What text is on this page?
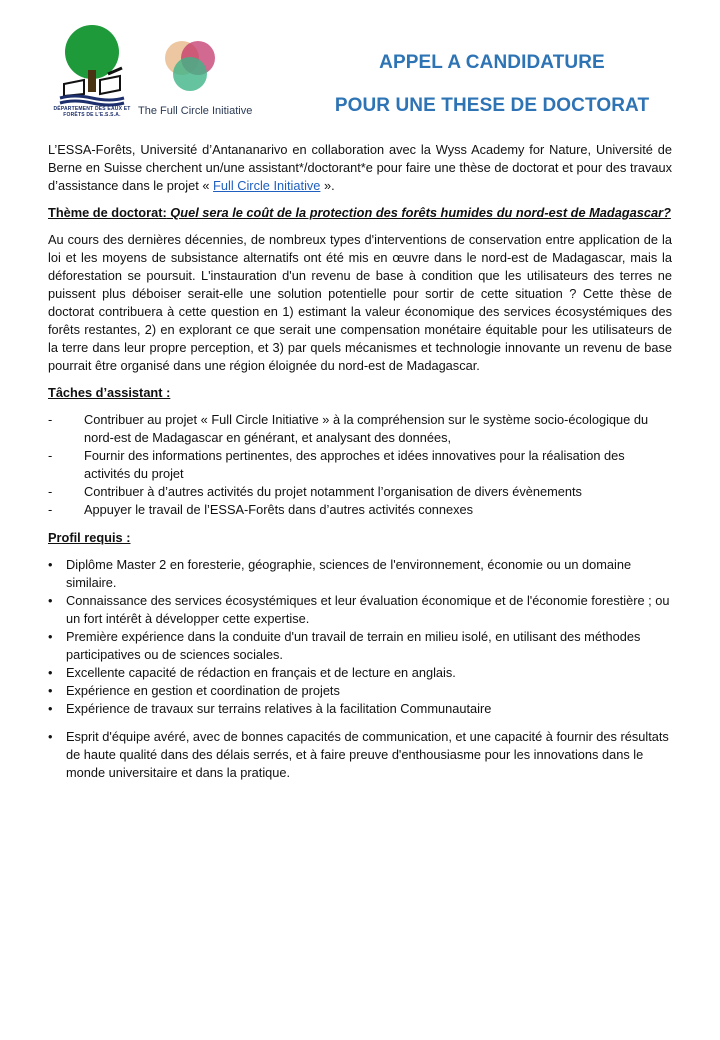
DÉPARTEMENT DES EAUX ET FORÊTS DE L'E.S.S.A.	The Full Circle Initiative
APPEL A CANDIDATURE
POUR UNE THESE DE DOCTORAT

L’ESSA-Forêts, Université d’Antananarivo en collaboration avec la Wyss Academy for Nature, Université de Berne en Suisse cherchent un/une assistant*/doctorant*e pour faire une thèse de doctorat et pour des travaux d’assistance dans le projet « Full Circle Initiative ».

Thème de doctorat: Quel sera le coût de la protection des forêts humides du nord-est de Madagascar?

Au cours des dernières décennies, de nombreux types d'interventions de conservation entre application de la loi et les moyens de subsistance alternatifs ont été mis en œuvre dans le nord-est de Madagascar, mais la déforestation se poursuit. L'instauration d'un revenu de base à condition que les utilisateurs des terres ne puissent plus déboiser serait-elle une solution potentielle pour sortir de cette situation ? Cette thèse de doctorat contribuera à cette question en 1) estimant la valeur économique des services écosystémiques des forêts restantes, 2) en explorant ce que serait une compensation monétaire équitable pour les utilisateurs de la terre dans leur propre perception, et 3) par quels mécanismes et technologie innovante un revenu de base pourrait être organisé dans une région éloignée du nord-est de Madagascar.

Tâches d’assistant :

- Contribuer au projet « Full Circle Initiative » à la compréhension sur le système socio-écologique du nord-est de Madagascar en générant, et analysant des données,
- Fournir des informations pertinentes, des approches et idées innovatives pour la réalisation des activités du projet
- Contribuer à d’autres activités du projet notamment l’organisation de divers évènements
- Appuyer le travail de l’ESSA-Forêts dans d’autres activités connexes

Profil requis :

• Diplôme Master 2 en foresterie, géographie, sciences de l'environnement, économie ou un domaine similaire.
• Connaissance des services écosystémiques et leur évaluation économique et de l'économie forestière ; ou un fort intérêt à développer cette expertise.
• Première expérience dans la conduite d'un travail de terrain en milieu isolé, en utilisant des méthodes participatives ou de sciences sociales.
• Excellente capacité de rédaction en français et de lecture en anglais.
• Expérience en gestion et coordination de projets
• Expérience de travaux sur terrains relatives à la facilitation Communautaire
• Esprit d'équipe avéré, avec de bonnes capacités de communication, et une capacité à fournir des résultats de haute qualité dans des délais serrés, et à faire preuve d'enthousiasme pour les innovations dans le monde universitaire et dans la pratique.
